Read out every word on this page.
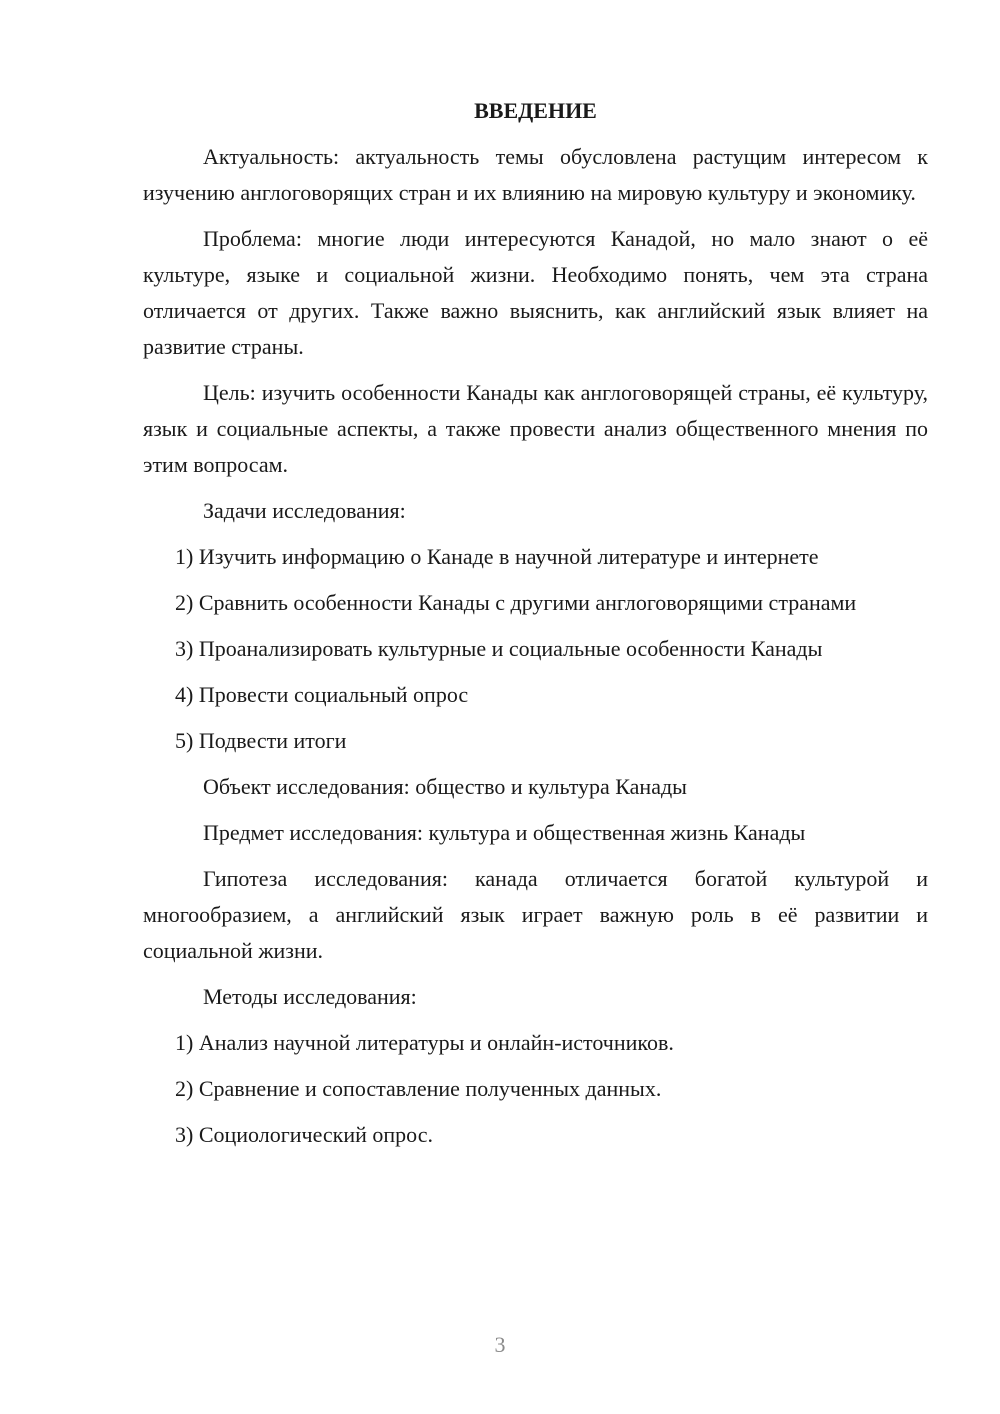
ВВЕДЕНИЕ

Актуальность: актуальность темы обусловлена растущим интересом к изучению англоговорящих стран и их влиянию на мировую культуру и экономику.

Проблема: многие люди интересуются Канадой, но мало знают о её культуре, языке и социальной жизни. Необходимо понять, чем эта страна отличается от других. Также важно выяснить, как английский язык влияет на развитие страны.

Цель: изучить особенности Канады как англоговорящей страны, её культуру, язык и социальные аспекты, а также провести анализ общественного мнения по этим вопросам.

Задачи исследования:

1) Изучить информацию о Канаде в научной литературе и интернете

2) Сравнить особенности Канады с другими англоговорящими странами

3) Проанализировать культурные и социальные особенности Канады

4) Провести социальный опрос

5) Подвести итоги

Объект исследования: общество и культура Канады

Предмет исследования: культура и общественная жизнь Канады

Гипотеза исследования: канада отличается богатой культурой и многообразием, а английский язык играет важную роль в её развитии и социальной жизни.

Методы исследования:

1) Анализ научной литературы и онлайн-источников.

2) Сравнение и сопоставление полученных данных.

3) Социологический опрос.

3
